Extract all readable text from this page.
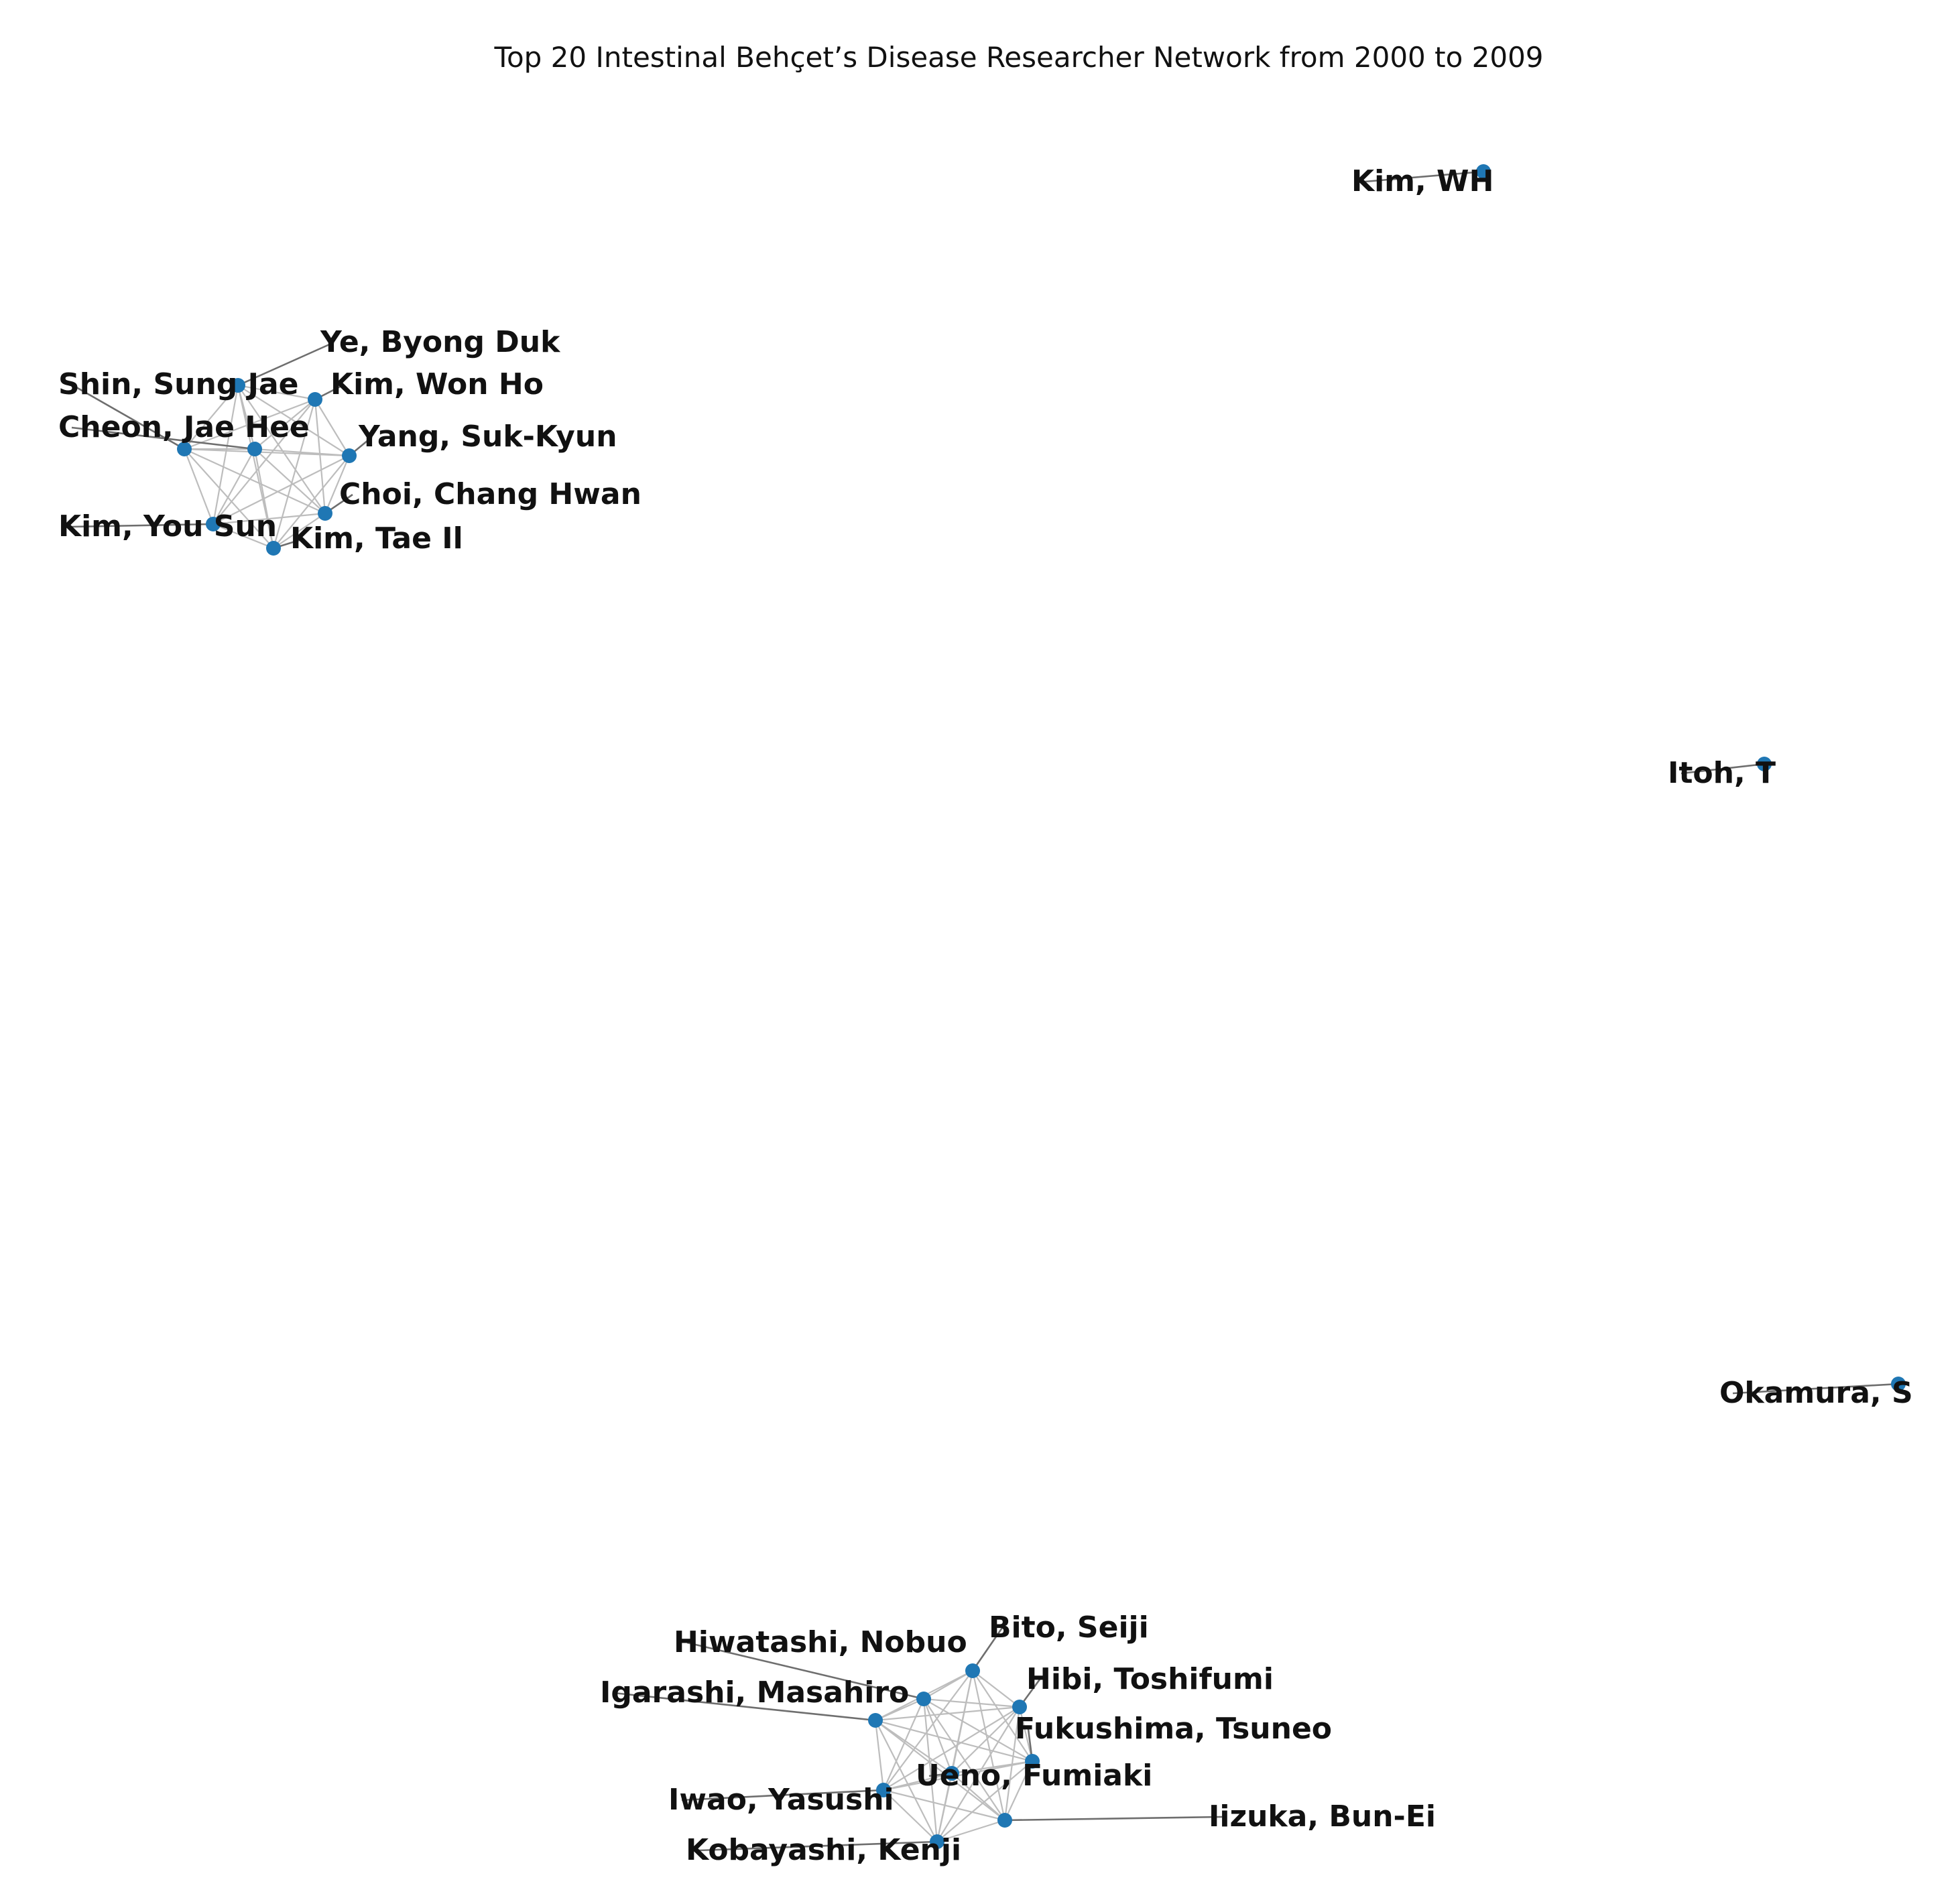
Top 20 Intestinal Behçet’s Disease Researcher Network from 2000 to 2009
Ye, Byong Duk
Shin, Sung Jae Kim, Won Ho
Cheon, Jae Hee Yang, Suk-Kyun
Choi, Chang Hwan
Kim, You Sun Kim, Tae Il
Hiwatashi, Nobuo Bito, Seiji
Igarashi, Masahiro	Hibi, Toshifumi
Fukushima, Tsuneo
Ueno, Fumiaki
Iwao, Yasushi	Iizuka, Bun-Ei
Kobayashi, Kenji
Kim, WH
Itoh, T
Okamura, S
